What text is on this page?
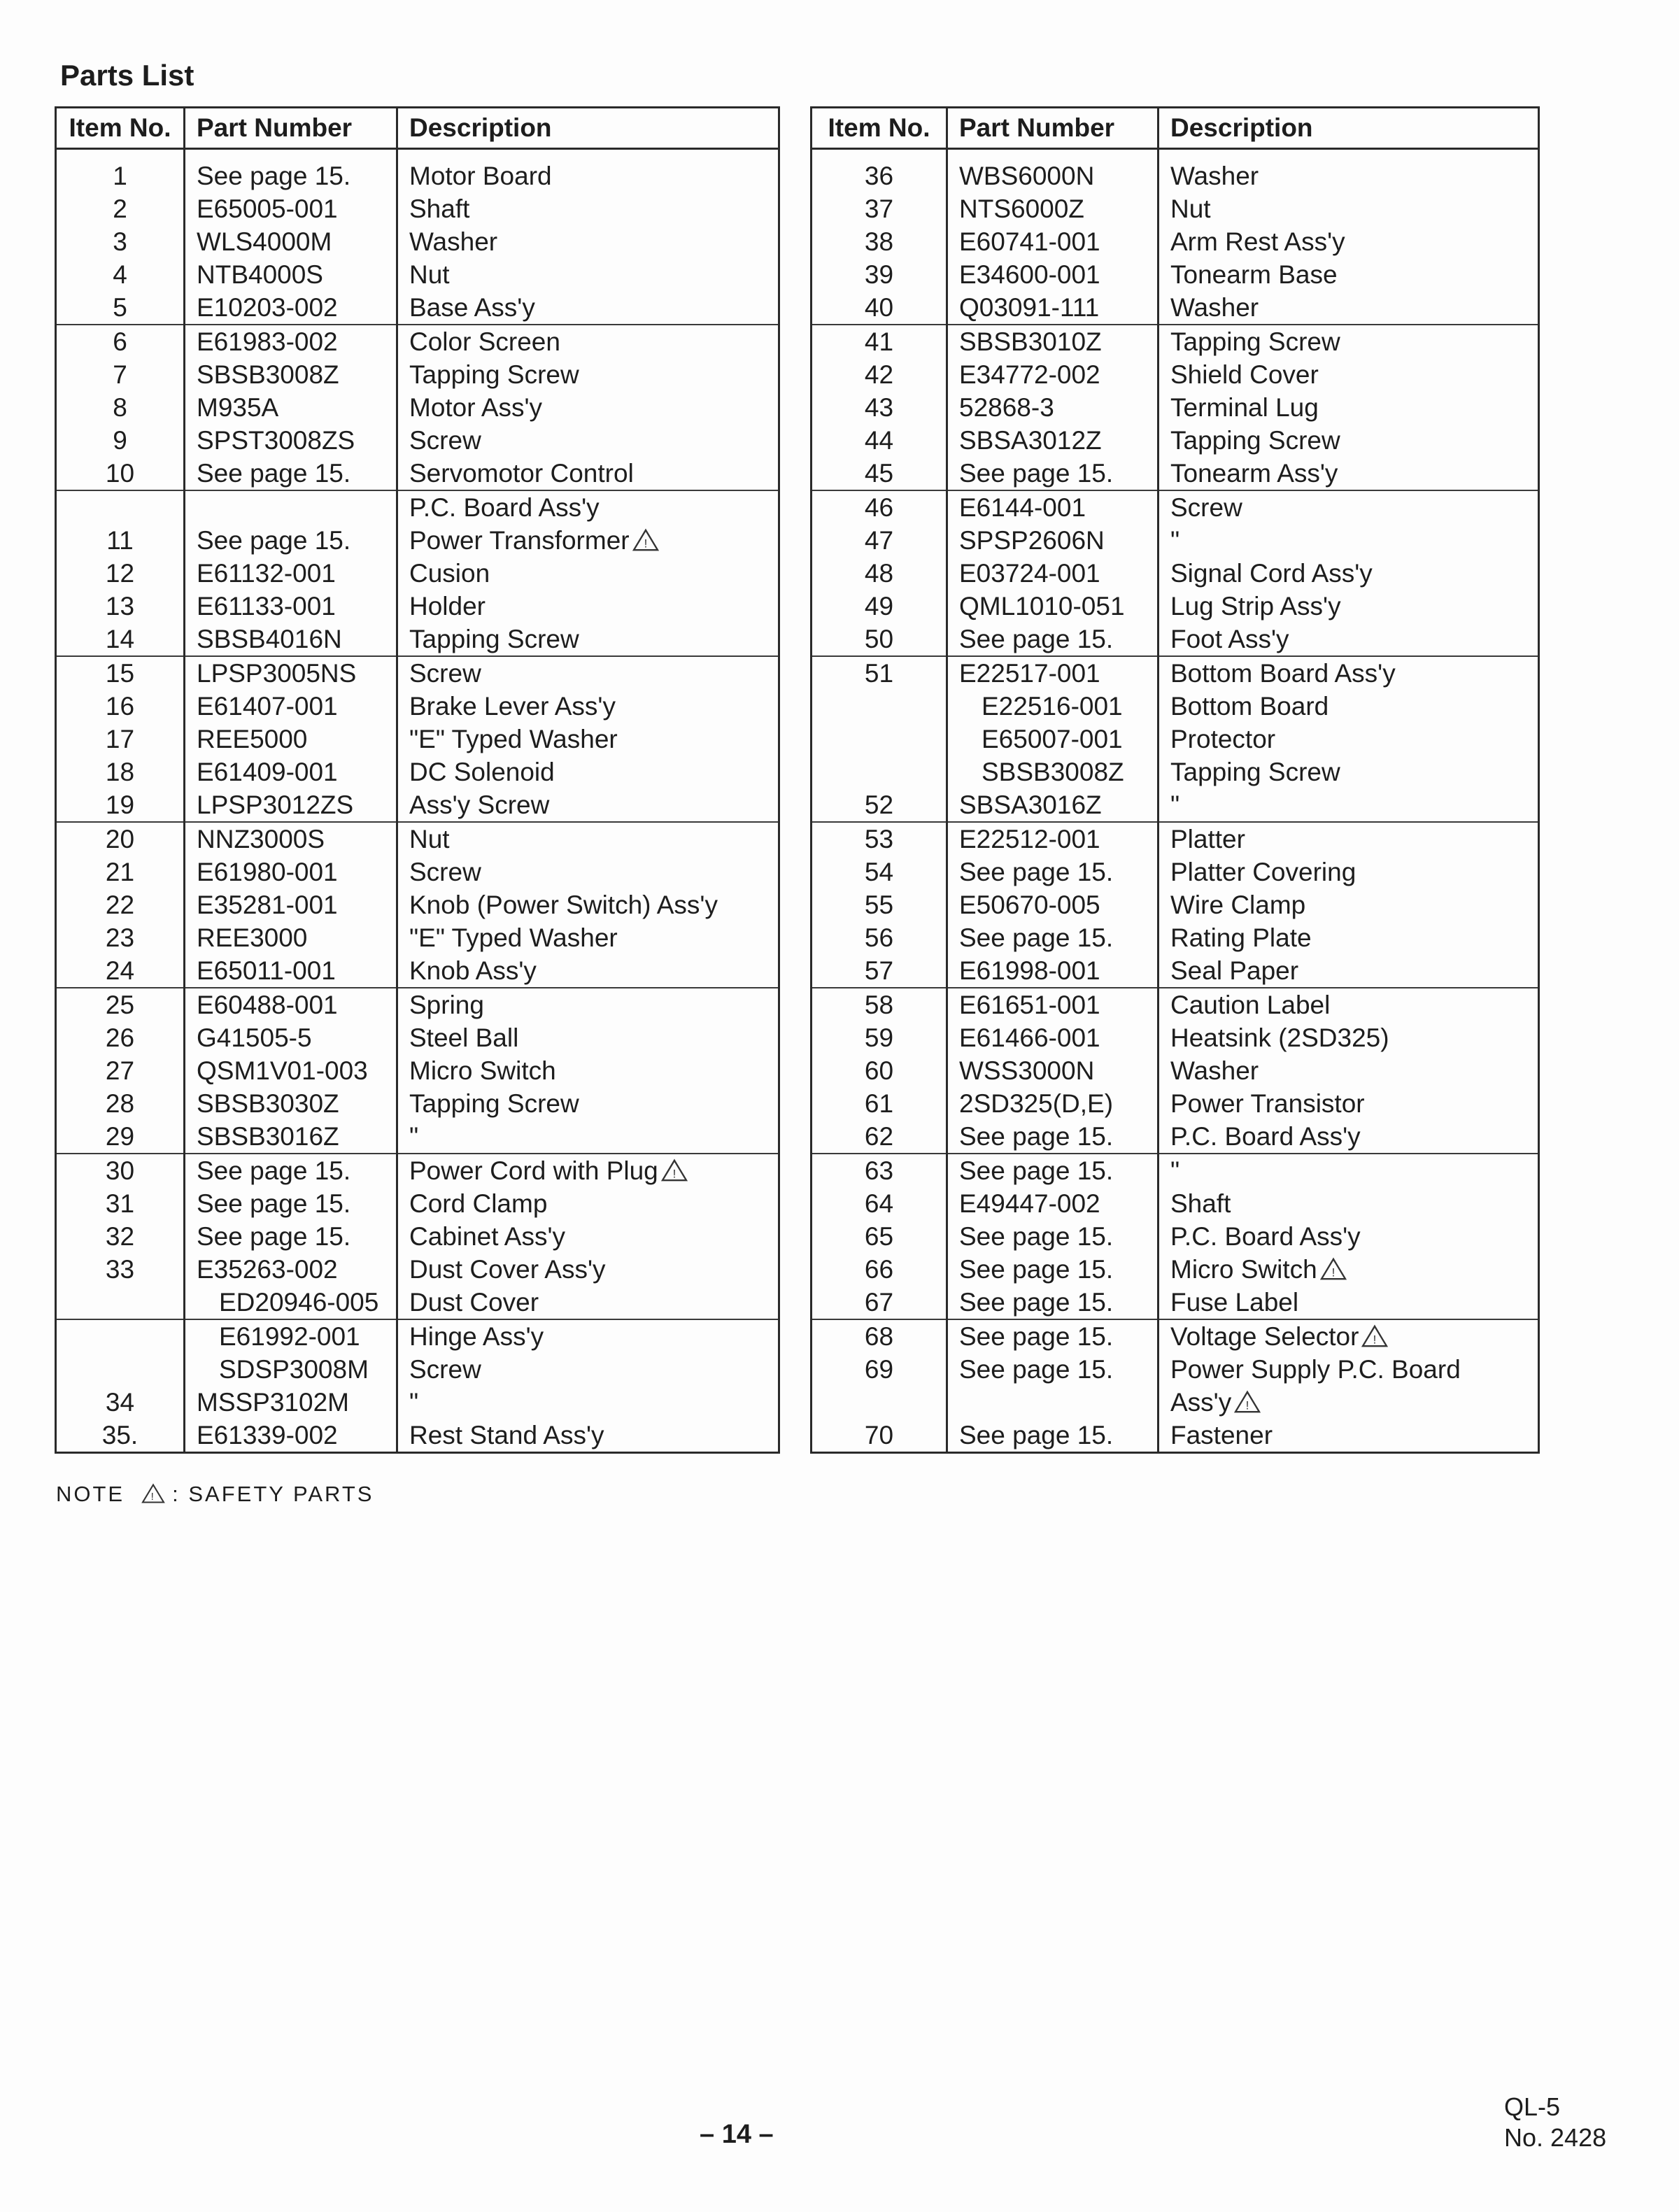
Parts List
Item No.	Part Number	Description
1	See page 15.	Motor Board
2	E65005-001	Shaft
3	WLS4000M	Washer
4	NTB4000S	Nut
5	E10203-002	Base Ass'y
6	E61983-002	Color Screen
7	SBSB3008Z	Tapping Screw
8	M935A	Motor Ass'y
9	SPST3008ZS	Screw
10	See page 15.	Servomotor Control
		P.C. Board Ass'y
11	See page 15.	Power Transformer !

12	E61132-001	Cusion
13	E61133-001	Holder
14	SBSB4016N	Tapping Screw
15	LPSP3005NS	Screw
16	E61407-001	Brake Lever Ass'y
17	REE5000	"E" Typed Washer
18	E61409-001	DC Solenoid
19	LPSP3012ZS	Ass'y Screw
20	NNZ3000S	Nut
21	E61980-001	Screw
22	E35281-001	Knob (Power Switch) Ass'y
23	REE3000	"E" Typed Washer
24	E65011-001	Knob Ass'y
25	E60488-001	Spring
26	G41505-5	Steel Ball
27	QSM1V01-003	Micro Switch
28	SBSB3030Z	Tapping Screw
29	SBSB3016Z	"
30	See page 15.	Power Cord with Plug !

31	See page 15.	Cord Clamp
32	See page 15.	Cabinet Ass'y
33	E35263-002	Dust Cover Ass'y
	ED20946-005	Dust Cover
	E61992-001	Hinge Ass'y
	SDSP3008M	Screw
34	MSSP3102M	"
35.	E61339-002	Rest Stand Ass'y
Item No.	Part Number	Description
36	WBS6000N	Washer
37	NTS6000Z	Nut
38	E60741-001	Arm Rest Ass'y
39	E34600-001	Tonearm Base
40	Q03091-111	Washer
41	SBSB3010Z	Tapping Screw
42	E34772-002	Shield Cover
43	52868-3	Terminal Lug
44	SBSA3012Z	Tapping Screw
45	See page 15.	Tonearm Ass'y
46	E6144-001	Screw
47	SPSP2606N	"
48	E03724-001	Signal Cord Ass'y
49	QML1010-051	Lug Strip Ass'y
50	See page 15.	Foot Ass'y
51	E22517-001	Bottom Board Ass'y
	E22516-001	Bottom Board
	E65007-001	Protector
	SBSB3008Z	Tapping Screw
52	SBSA3016Z	"
53	E22512-001	Platter
54	See page 15.	Platter Covering
55	E50670-005	Wire Clamp
56	See page 15.	Rating Plate
57	E61998-001	Seal Paper
58	E61651-001	Caution Label
59	E61466-001	Heatsink (2SD325)
60	WSS3000N	Washer
61	2SD325(D,E)	Power Transistor
62	See page 15.	P.C. Board Ass'y
63	See page 15.	"
64	E49447-002	Shaft
65	See page 15.	P.C. Board Ass'y
66	See page 15.	Micro Switch !

67	See page 15.	Fuse Label
68	See page 15.	Voltage Selector !

69	See page 15.	Power Supply P.C. Board
		Ass'y !

70	See page 15.	Fastener
NOTE ! : SAFETY PARTS
– 14 –
QL-5
No. 2428
